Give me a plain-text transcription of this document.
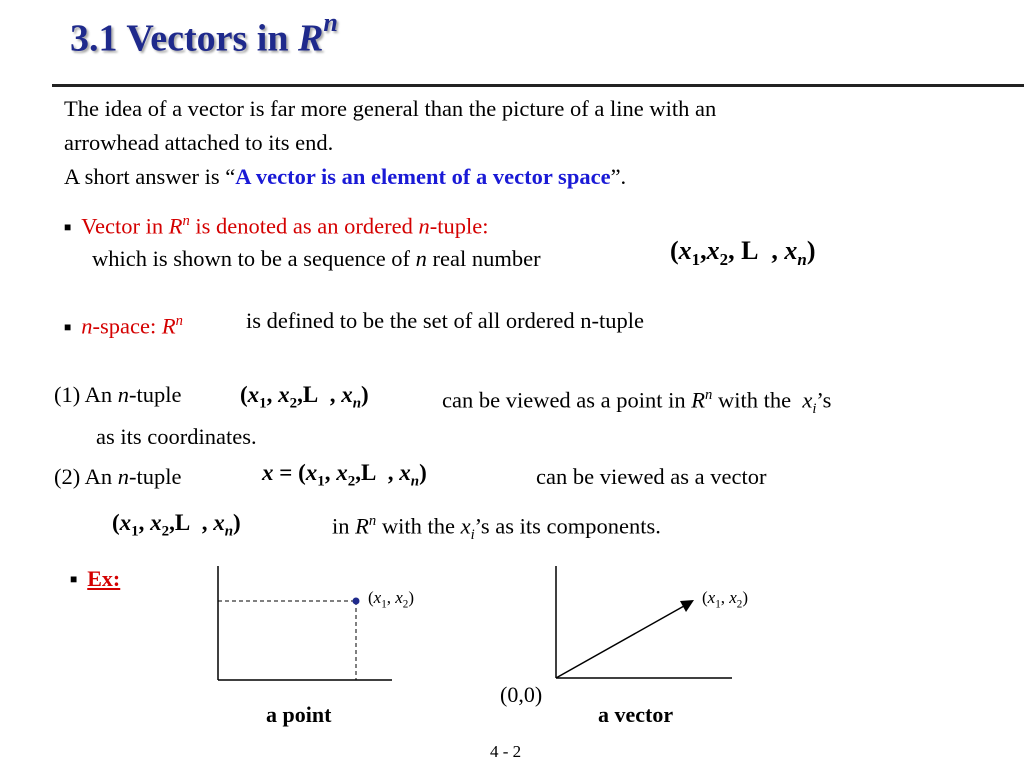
3.1 Vectors in $R^n$
The idea of a vector is far more general than the picture of a line with an
arrowhead attached to its end.
A short answer is “A vector is an element of a vector space”.
■ Vector in $R^n$ is denoted as an ordered n-tuple:
which is shown to be a sequence of n real number	($x_1,x_2$, L  , $x_n$)
■ n-space: $R^n$	is defined to be the set of all ordered n-tuple
(1) An n-tuple	($x_1$, $x_2,L$  , $x_n$)	can be viewed as a point in $R^n$ with the  $x_i’s$
as its coordinates.
(2) An n-tuple	$x = (x_1$, $x_2,L$  , $x_n$)	can be viewed as a vector
($x_1$, $x_2,L$  , $x_n$)	in $R^n$ with the $x_i’s$ as its components.
■ Ex:
($x_1$, $x_2$)	($x_1$, $x_2$)
(0,0)
a point	a vector
4 - 2
